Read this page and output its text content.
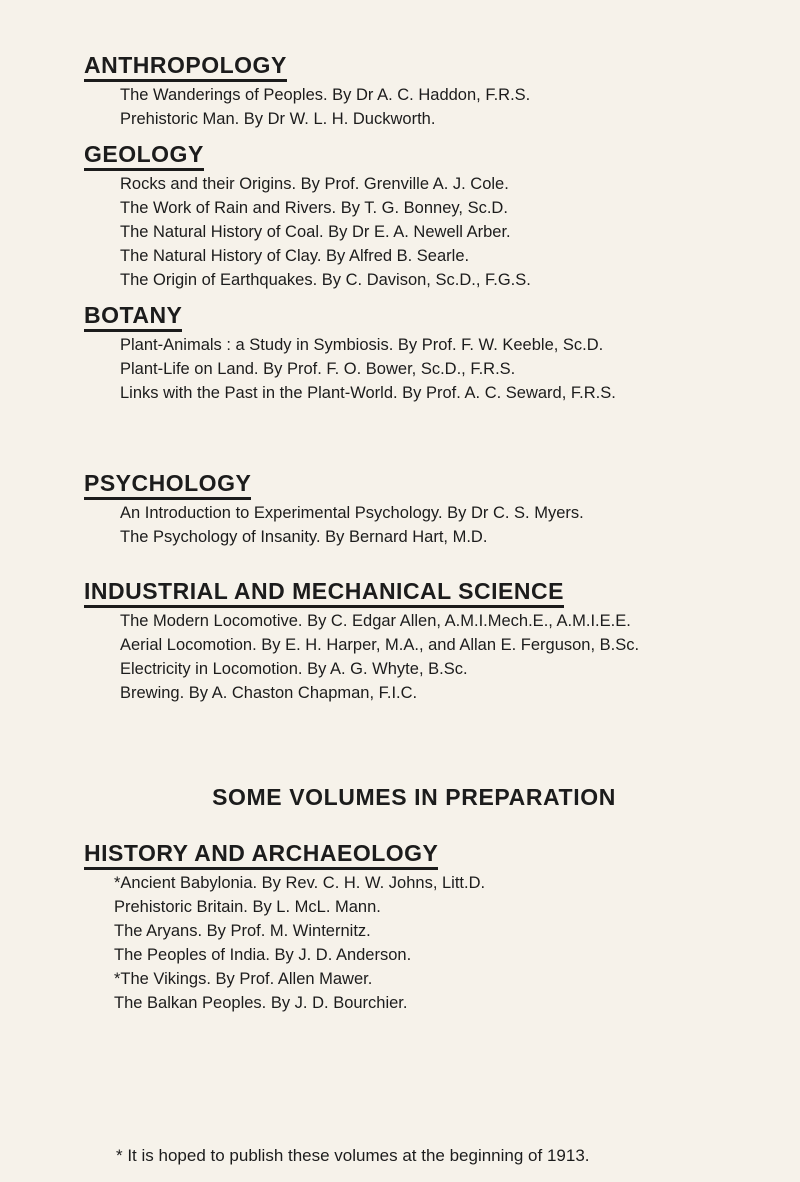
ANTHROPOLOGY
The Wanderings of Peoples. By Dr A. C. Haddon, F.R.S.
Prehistoric Man. By Dr W. L. H. Duckworth.
GEOLOGY
Rocks and their Origins. By Prof. Grenville A. J. Cole.
The Work of Rain and Rivers. By T. G. Bonney, Sc.D.
The Natural History of Coal. By Dr E. A. Newell Arber.
The Natural History of Clay. By Alfred B. Searle.
The Origin of Earthquakes. By C. Davison, Sc.D., F.G.S.
BOTANY
Plant-Animals : a Study in Symbiosis. By Prof. F. W. Keeble, Sc.D.
Plant-Life on Land. By Prof. F. O. Bower, Sc.D., F.R.S.
Links with the Past in the Plant-World. By Prof. A. C. Seward, F.R.S.
PSYCHOLOGY
An Introduction to Experimental Psychology. By Dr C. S. Myers.
The Psychology of Insanity. By Bernard Hart, M.D.
INDUSTRIAL AND MECHANICAL SCIENCE
The Modern Locomotive. By C. Edgar Allen, A.M.I.Mech.E., A.M.I.E.E.
Aerial Locomotion. By E. H. Harper, M.A., and Allan E. Ferguson, B.Sc.
Electricity in Locomotion. By A. G. Whyte, B.Sc.
Brewing. By A. Chaston Chapman, F.I.C.
SOME VOLUMES IN PREPARATION
HISTORY AND ARCHAEOLOGY
*Ancient Babylonia. By Rev. C. H. W. Johns, Litt.D.
Prehistoric Britain. By L. McL. Mann.
The Aryans. By Prof. M. Winternitz.
The Peoples of India. By J. D. Anderson.
*The Vikings. By Prof. Allen Mawer.
The Balkan Peoples. By J. D. Bourchier.

* It is hoped to publish these volumes at the beginning of 1913.
